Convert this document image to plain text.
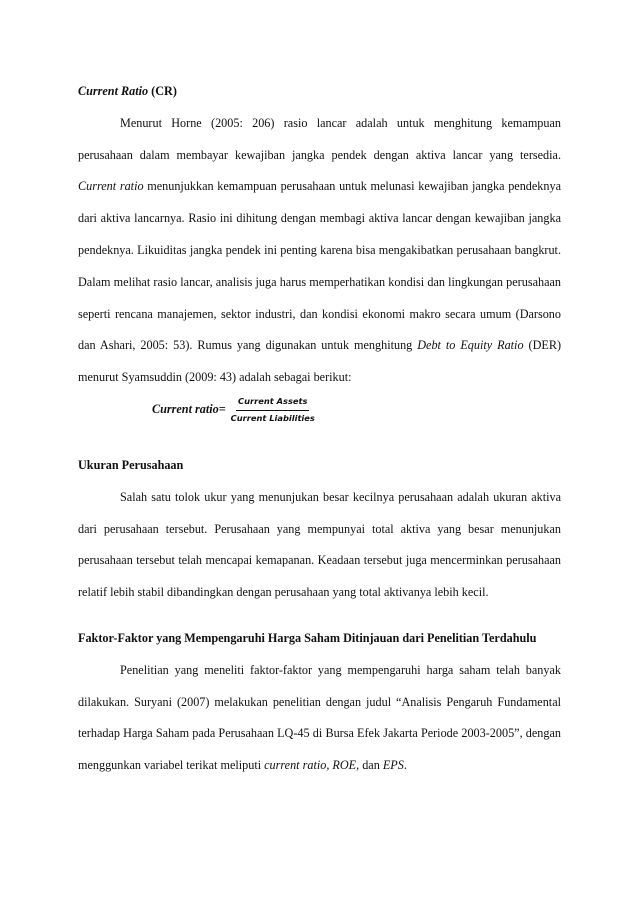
Current Ratio (CR)

Menurut Horne (2005: 206) rasio lancar adalah untuk menghitung kemampuan perusahaan dalam membayar kewajiban jangka pendek dengan aktiva lancar yang tersedia. Current ratio menunjukkan kemampuan perusahaan untuk melunasi kewajiban jangka pendeknya dari aktiva lancarnya. Rasio ini dihitung dengan membagi aktiva lancar dengan kewajiban jangka pendeknya. Likuiditas jangka pendek ini penting karena bisa mengakibatkan perusahaan bangkrut. Dalam melihat rasio lancar, analisis juga harus memperhatikan kondisi dan lingkungan perusahaan seperti rencana manajemen, sektor industri, dan kondisi ekonomi makro secara umum (Darsono dan Ashari, 2005: 53). Rumus yang digunakan untuk menghitung Debt to Equity Ratio (DER) menurut Syamsuddin (2009: 43) adalah sebagai berikut:

Current ratio= $\frac{\text{Current Assets}}{\text{Current Liabilities}}$
Ukuran Perusahaan

Salah satu tolok ukur yang menunjukan besar kecilnya perusahaan adalah ukuran aktiva dari perusahaan tersebut. Perusahaan yang mempunyai total aktiva yang besar menunjukan perusahaan tersebut telah mencapai kemapanan. Keadaan tersebut juga mencerminkan perusahaan relatif lebih stabil dibandingkan dengan perusahaan yang total aktivanya lebih kecil.

Faktor-Faktor yang Mempengaruhi Harga Saham Ditinjauan dari Penelitian Terdahulu

Penelitian yang meneliti faktor-faktor yang mempengaruhi harga saham telah banyak dilakukan. Suryani (2007) melakukan penelitian dengan judul “Analisis Pengaruh Fundamental terhadap Harga Saham pada Perusahaan LQ-45 di Bursa Efek Jakarta Periode 2003-2005”, dengan menggunkan variabel terikat meliputi current ratio, ROE, dan EPS.
